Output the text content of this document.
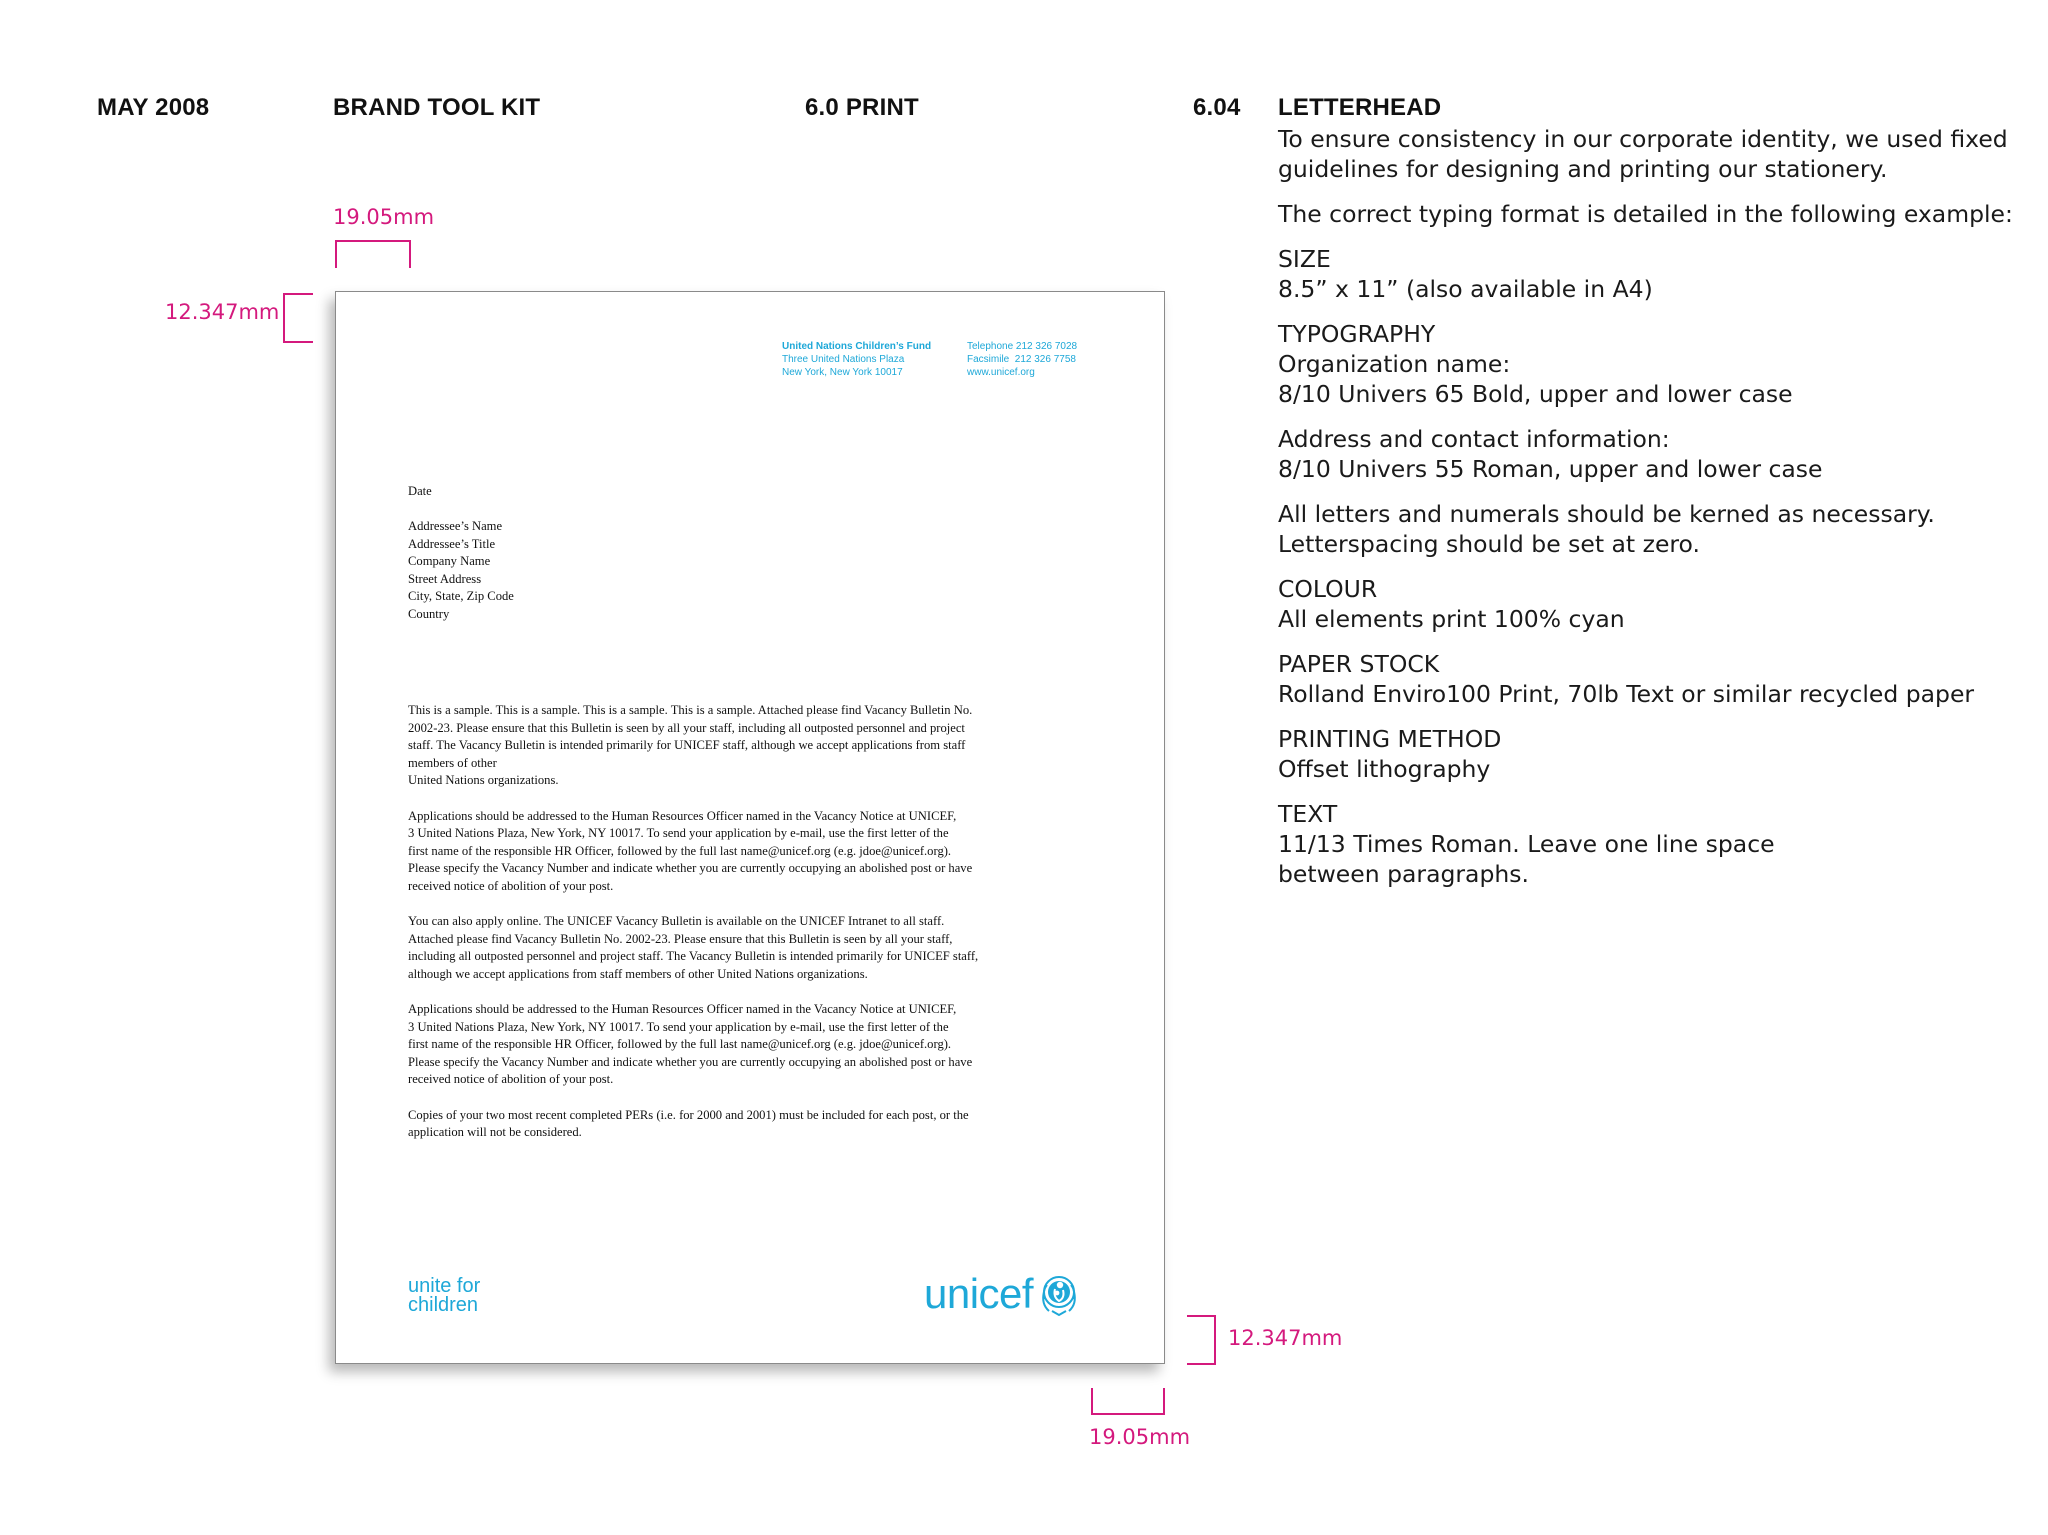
MAY 2008	BRAND TOOL KIT	6.0 PRINT	6.04 LETTERHEAD
19.05mm
12.347mm
12.347mm
19.05mm
United Nations Children’s Fund
Three United Nations Plaza
New York, New York 10017
Telephone 212 326 7028
Facsimile  212 326 7758
www.unicef.org
Date
Addressee’s Name
Addressee’s Title
Company Name
Street Address
City, State, Zip Code
Country

This is a sample. This is a sample. This is a sample. This is a sample. Attached please find Vacancy Bulletin No.
2002-23. Please ensure that this Bulletin is seen by all your staff, including all outposted personnel and project
staff. The Vacancy Bulletin is intended primarily for UNICEF staff, although we accept applications from staff
members of other
United Nations organizations.

Applications should be addressed to the Human Resources Officer named in the Vacancy Notice at UNICEF,
3 United Nations Plaza, New York, NY 10017. To send your application by e-mail, use the first letter of the
first name of the responsible HR Officer, followed by the full last name@unicef.org (e.g. jdoe@unicef.org).
Please specify the Vacancy Number and indicate whether you are currently occupying an abolished post or have
received notice of abolition of your post.

You can also apply online. The UNICEF Vacancy Bulletin is available on the UNICEF Intranet to all staff.
Attached please find Vacancy Bulletin No. 2002-23. Please ensure that this Bulletin is seen by all your staff,
including all outposted personnel and project staff. The Vacancy Bulletin is intended primarily for UNICEF staff,
although we accept applications from staff members of other United Nations organizations.

Applications should be addressed to the Human Resources Officer named in the Vacancy Notice at UNICEF,
3 United Nations Plaza, New York, NY 10017. To send your application by e-mail, use the first letter of the
first name of the responsible HR Officer, followed by the full last name@unicef.org (e.g. jdoe@unicef.org).
Please specify the Vacancy Number and indicate whether you are currently occupying an abolished post or have
received notice of abolition of your post.

Copies of your two most recent completed PERs (i.e. for 2000 and 2001) must be included for each post, or the
application will not be considered.

unite for
children	unicef

To ensure consistency in our corporate identity, we used fixed guidelines for designing and printing our stationery.

The correct typing format is detailed in the following example:

SIZE
8.5” x 11” (also available in A4)

TYPOGRAPHY
Organization name:
8/10 Univers 65 Bold, upper and lower case

Address and contact information:
8/10 Univers 55 Roman, upper and lower case

All letters and numerals should be kerned as necessary.
Letterspacing should be set at zero.

COLOUR
All elements print 100% cyan

PAPER STOCK
Rolland Enviro100 Print, 70lb Text or similar recycled paper

PRINTING METHOD
Offset lithography

TEXT
11/13 Times Roman. Leave one line space
between paragraphs.
